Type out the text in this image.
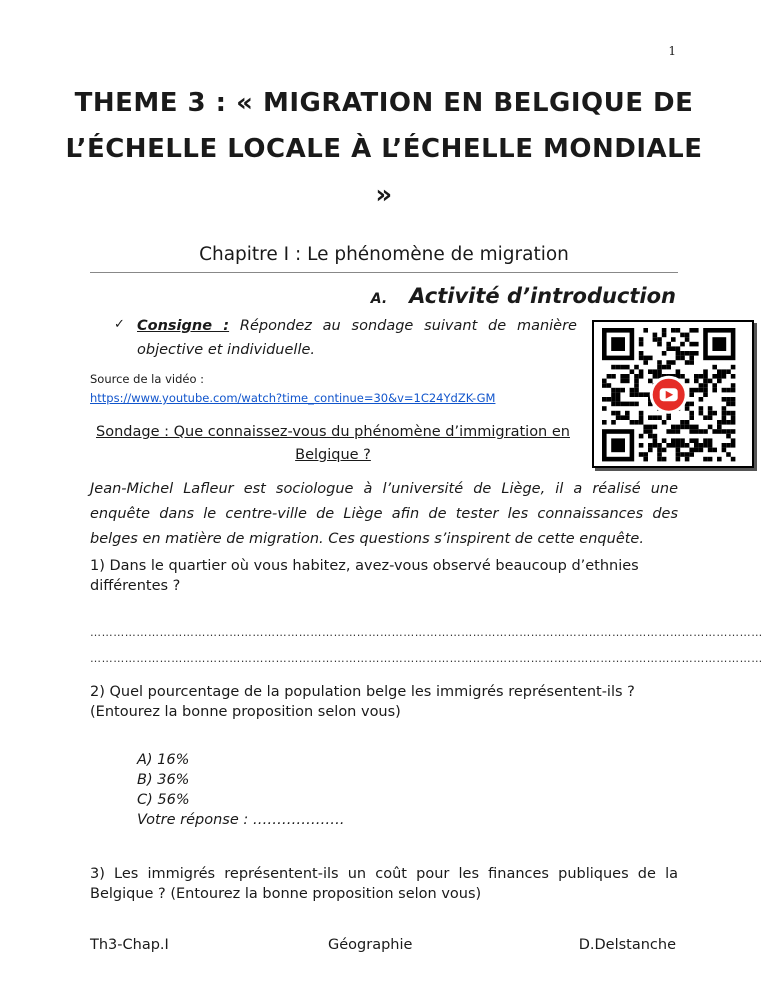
1
THEME 3 : « MIGRATION EN BELGIQUE DE L’ÉCHELLE LOCALE À L’ÉCHELLE MONDIALE »
Chapitre I : Le phénomène de migration
A. Activité d’introduction
✓ Consigne : Répondez au sondage suivant de manière objective et individuelle.
Source de la vidéo :
https://www.youtube.com/watch?time_continue=30&v=1C24YdZK-GM
Sondage : Que connaissez-vous du phénomène d’immigration en Belgique ?
Jean-Michel Lafleur est sociologue à l’université de Liège, il a réalisé une enquête dans le centre-ville de Liège afin de tester les connaissances des belges en matière de migration. Ces questions s’inspirent de cette enquête.
1) Dans le quartier où vous habitez, avez-vous observé beaucoup d’ethnies différentes ?
…………………………………………………………………………………………………………………………………………………………
…………………………………………………………………………………………………………………………………………………………
2) Quel pourcentage de la population belge les immigrés représentent-ils ? (Entourez la bonne proposition selon vous)
A) 16%
B) 36%
C) 56%
Votre réponse : ……………….
3) Les immigrés représentent-ils un coût pour les finances publiques de la Belgique ? (Entourez la bonne proposition selon vous)
Th3-Chap.I	Géographie	D.Delstanche
